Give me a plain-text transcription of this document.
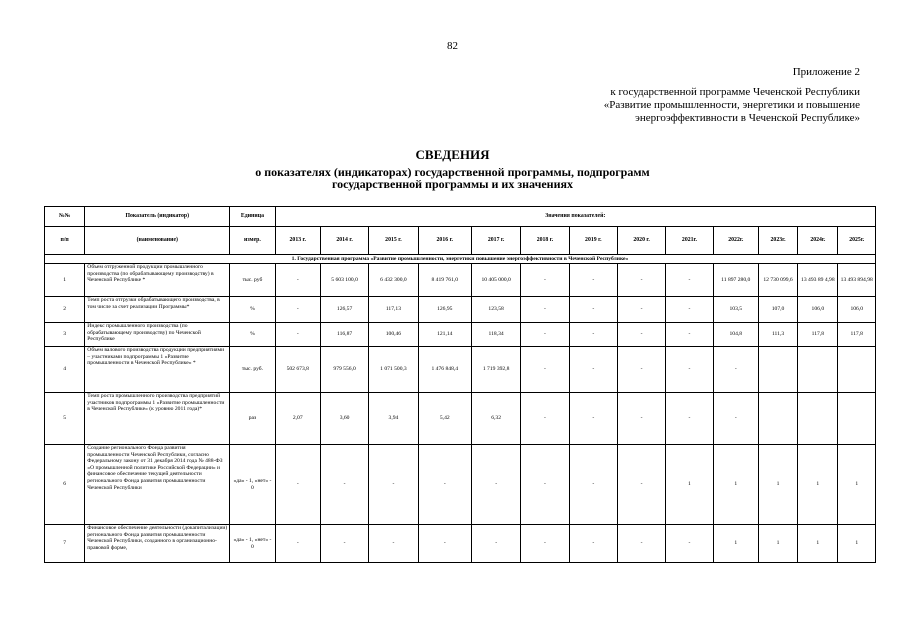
82
Приложение 2
к государственной программе Чеченской Республики
«Развитие промышленности, энергетики и повышение
энергоэффективности в Чеченской Республике»
СВЕДЕНИЯ
о показателях (индикаторах) государственной программы, подпрограмм
государственной программы и их значениях
№№	Показатель (индикатор)	Единица	Значения показателей:												
п/п	(наименование)	измер.	2013 г.	2014 г.	2015 г.	2016 г.	2017 г.	2018 г.	2019 г.	2020 г.	2021г.	2022г.	2023г.	2024г.	2025г.
1. Государственная программа «Развитие промышленности, энергетики повышение энергоэффективности в Чеченской Республике»															
1	Объем отгруженной продукции промышленного производства (по обрабатывающему производству) в Чеченской Республике *	тыс. руб	-	5 603 100,0	6 432 300,0	8 419 761,0	10 405 000,0	-	-	-	-	11 897 280,0	12 730 099,6	13 493 89 4,98	13 493 894,98
2	Темп роста отгрузки обрабатывающего производства, в том числе за счет реализации Программы*	%	-	126,57	117,13	126,95	123,58	-	-	-	-	103,5	107,0	106,0	106,0
3	Индекс промышленного производства (по обрабатывающему производству) по Чеченской Республике	%	-	116,87	100,46	121,14	118,34	-	-	-	-	104,8	111,3	117,8	117,8
4	Объем валового производства продукции предприятиями – участниками подпрограммы 1 «Развитие промышленности в Чеченской Республике» *	тыс. руб.	502 673,8	979 556,0	1 071 500,3	1 476 848,4	1 719 392,8	-	-	-	-	-			
5	Темп роста промышленного производства предприятий участников подпрограммы 1 «Развитие промышленности в Чеченской Республике» (к уровню 2011 года)*	раз	2,07	3,60	3,94	5,42	6,32	-	-	-	-	-			
6	Создание регионального Фонда развития промышленности Чеченской Республики, согласно Федеральному закону от 31 декабря 2014 года № 488-ФЗ «О промышленной политике Российской Федерации» и финансовое обеспечение текущей деятельности регионального Фонда развития промышленности Чеченской Республики	«да» - 1, «нет» - 0	-	-	-	-	-	-	-	-	1	1	1	1	1
7	Финансовое обеспечение деятельности (докапитализации) регионального Фонда развития промышленности Чеченской Республики, созданного в организационно-правовой форме,	«да» - 1, «нет» - 0	-	-	-	-	-	-	-	-	-	1	1	1	1
